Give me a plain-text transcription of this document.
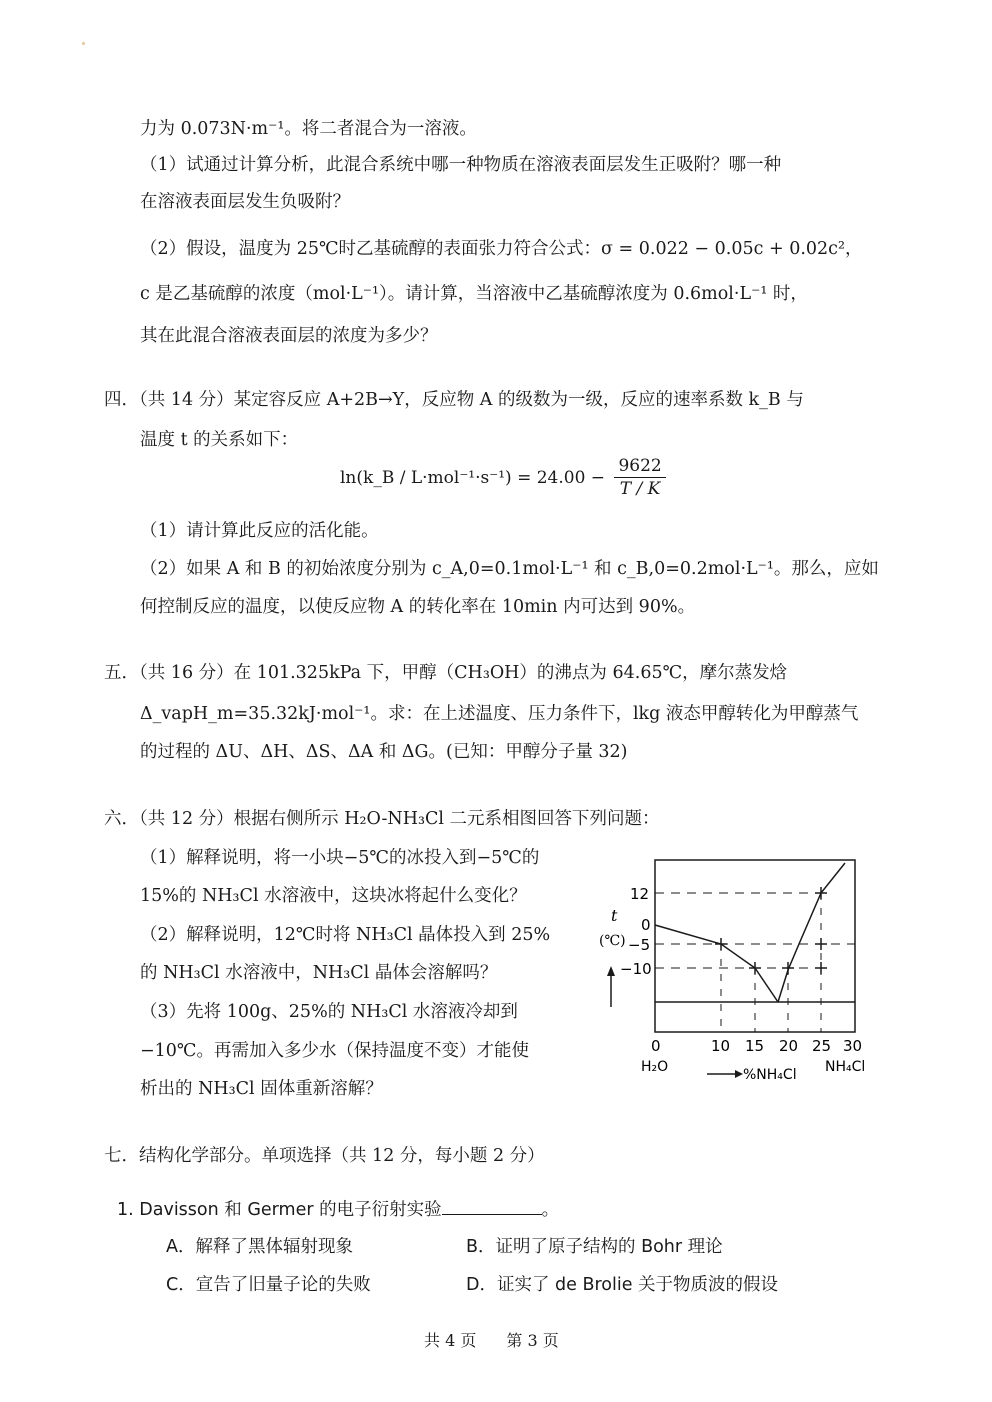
力为 0.073N·m⁻¹。将二者混合为一溶液。
（1）试通过计算分析，此混合系统中哪一种物质在溶液表面层发生正吸附？哪一种
在溶液表面层发生负吸附？
（2）假设，温度为 25℃时乙基硫醇的表面张力符合公式：σ = 0.022 − 0.05c + 0.02c²，
c 是乙基硫醇的浓度（mol·L⁻¹）。请计算，当溶液中乙基硫醇浓度为 0.6mol·L⁻¹ 时，
其在此混合溶液表面层的浓度为多少？
四．（共 14 分）某定容反应 A+2B→Y，反应物 A 的级数为一级，反应的速率系数 k_B 与
温度 t 的关系如下：
ln(k_B / $L\cdot mol^{-1}\cdot s^{-1}) = 24.00 - \frac{9622}{T / K}$
（1）请计算此反应的活化能。
（2）如果 A 和 B 的初始浓度分别为 c_A,0=0.1mol·L⁻¹ 和 c_B,0=0.2mol·L⁻¹。那么，应如
何控制反应的温度，以使反应物 A 的转化率在 10min 内可达到 90%。
五．（共 16 分）在 101.325kPa 下，甲醇（CH₃OH）的沸点为 64.65℃，摩尔蒸发焓
Δ_vapH_m=35.32kJ·mol⁻¹。求：在上述温度、压力条件下，lkg 液态甲醇转化为甲醇蒸气
的过程的 ΔU、ΔH、ΔS、ΔA 和 ΔG。(已知：甲醇分子量 32)
六．（共 12 分）根据右侧所示 H₂O-NH₃Cl 二元系相图回答下列问题：
（1）解释说明，将一小块−5℃的冰投入到−5℃的
15%的 NH₃Cl 水溶液中，这块冰将起什么变化？
（2）解释说明，12℃时将 NH₃Cl 晶体投入到 25%
的 NH₃Cl 水溶液中，NH₃Cl 晶体会溶解吗？
（3）先将 100g、25%的 NH₃Cl 水溶液冷却到
−10℃。再需加入多少水（保持温度不变）才能使
析出的 NH₃Cl 固体重新溶解？
t
(℃)
12
0
−5
−10
0	10 15 20 25 30
H₂O	%NH₄Cl NH₄Cl
七．结构化学部分。单项选择（共 12 分，每小题 2 分）
1. Davisson 和 Germer 的电子衍射实验	。
A．解释了黑体辐射现象	B．证明了原子结构的 Bohr 理论
C．宣告了旧量子论的失败	D．证实了 de Brolie 关于物质波的假设
共 4 页 第 3 页
